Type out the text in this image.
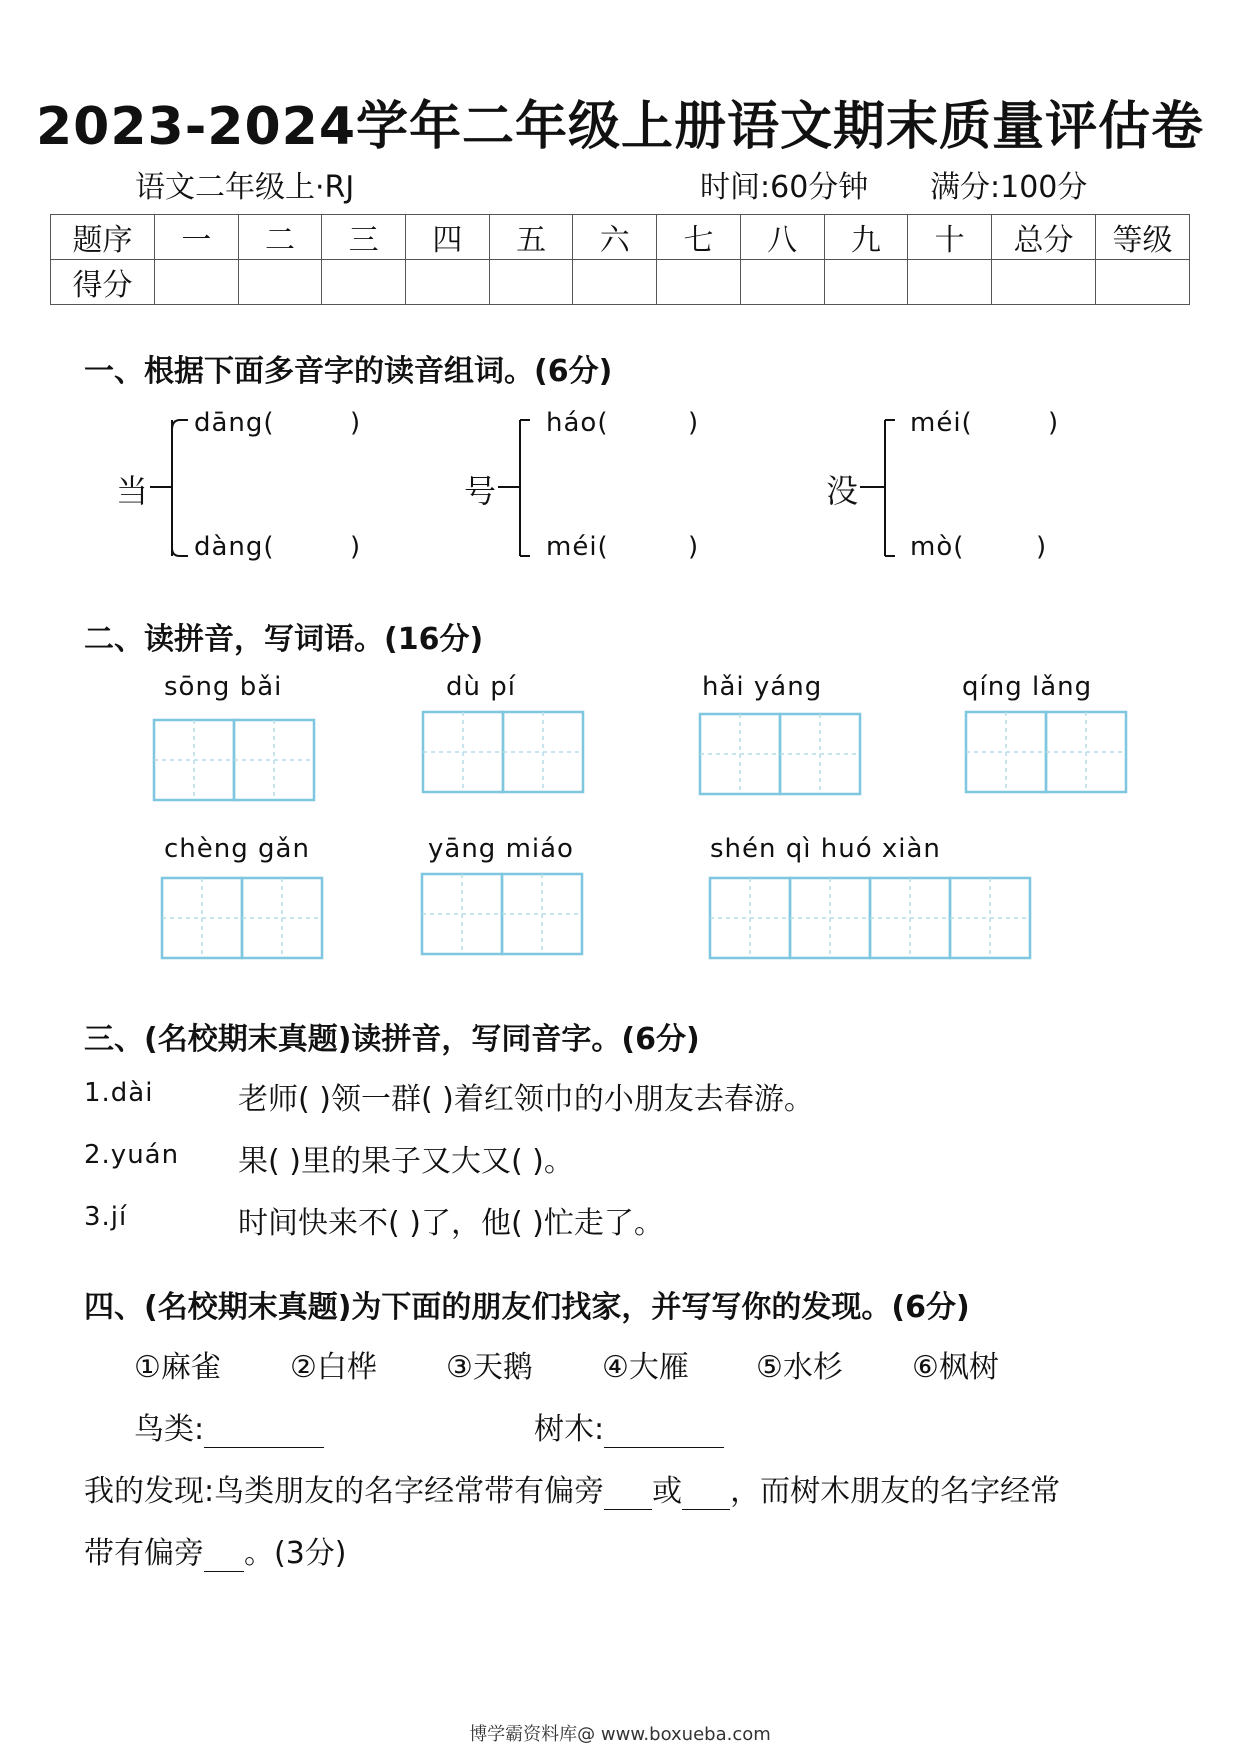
2023-2024学年二年级上册语文期末质量评估卷
语文二年级上·RJ	时间:60分钟 满分:100分
题序	一	二	三	四	五	六	七	八	九	十	总分	等级
得分												
一、根据下面多音字的读音组词。(6分)
当
dāng(	)
dàng(	)
号
háo(	)
méi(	)
没
méi(	)
mò(	)
二、读拼音，写词语。(16分)
sōng bǎi	dù pí	hǎi yáng	qíng lǎng
chèng gǎn	yāng miáo	shén qì huó xiàn
三、(名校期末真题)读拼音，写同音字。(6分)
1.dài	老师( )领一群( )着红领巾的小朋友去春游。
2.yuán 果( )里的果子又大又( )。
3.jí	时间快来不( )了，他( )忙走了。
四、(名校期末真题)为下面的朋友们找家，并写写你的发现。(6分)
①麻雀 ②白桦 ③天鹅 ④大雁 ⑤水杉 ⑥枫树
鸟类:	树木:
我的发现:鸟类朋友的名字经常带有偏旁 或 ，而树木朋友的名字经常
带有偏旁 。(3分)
博学霸资料库@ www.boxueba.com
